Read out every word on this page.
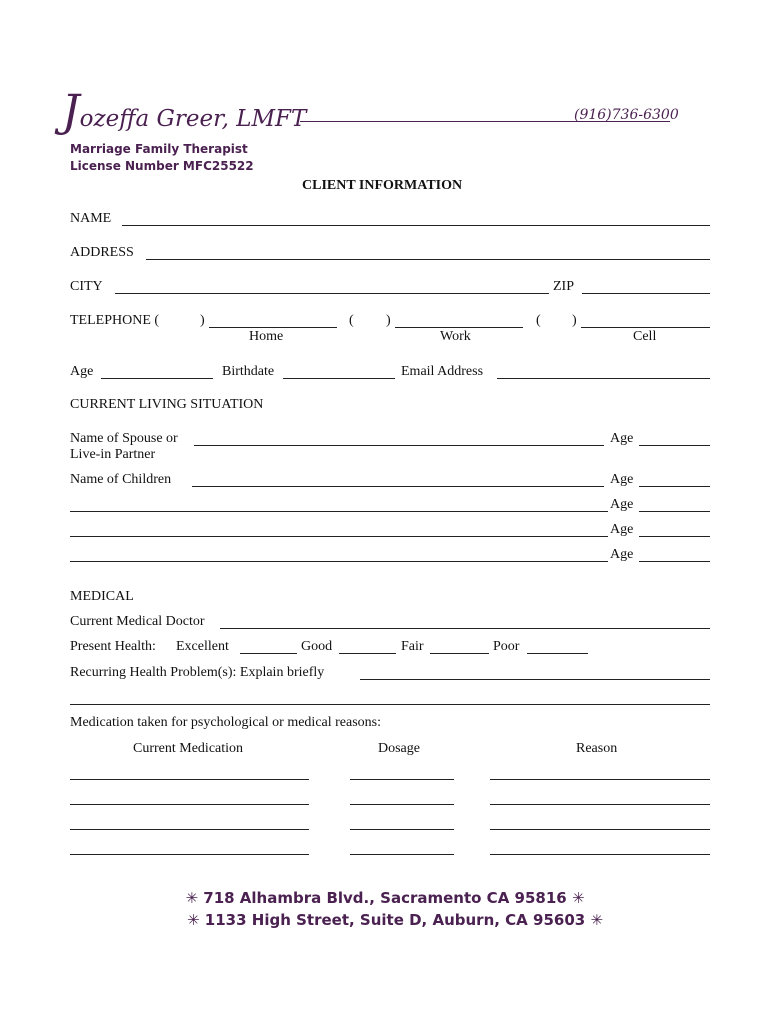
Jozeffa Greer, LMFT	(916)736-6300
Marriage Family Therapist
License Number MFC25522
CLIENT INFORMATION
NAME
ADDRESS
CITY	ZIP
TELEPHONE (	)	( )	( )
Home	Work	Cell
Age	Birthdate	Email Address
CURRENT LIVING SITUATION
Name of Spouse or
Live-in Partner
Age
Name of Children	Age
Age
Age
Age
MEDICAL
Current Medical Doctor
Present Health: Excellent	Good	Fair	Poor
Recurring Health Problem(s): Explain briefly
Medication taken for psychological or medical reasons:
Current Medication	Dosage	Reason
✳ 718 Alhambra Blvd., Sacramento CA 95816 ✳
✳ 1133 High Street, Suite D, Auburn, CA 95603 ✳
